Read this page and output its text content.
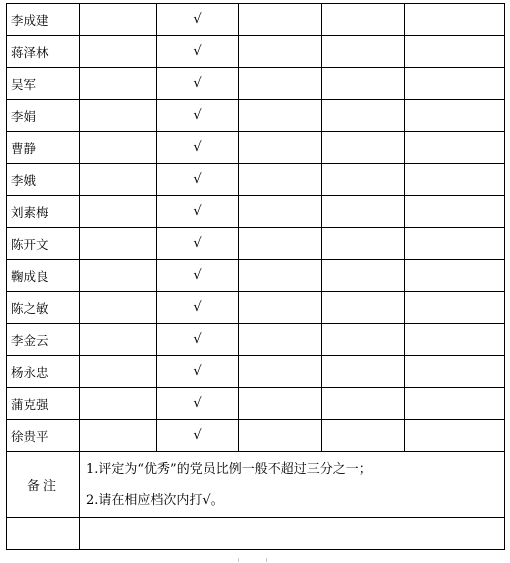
李成建		√			
蒋泽林		√			
吴军		√			
李娟		√			
曹静		√			
李娥		√			
刘素梅		√			
陈开文		√			
鞠成良		√			
陈之敏		√			
李金云		√			
杨永忠		√			
蒲克强		√			
徐贵平		√			
备注	1.评定为“优秀”的党员比例一般不超过三分之一；
2.请在相应档次内打√。				
